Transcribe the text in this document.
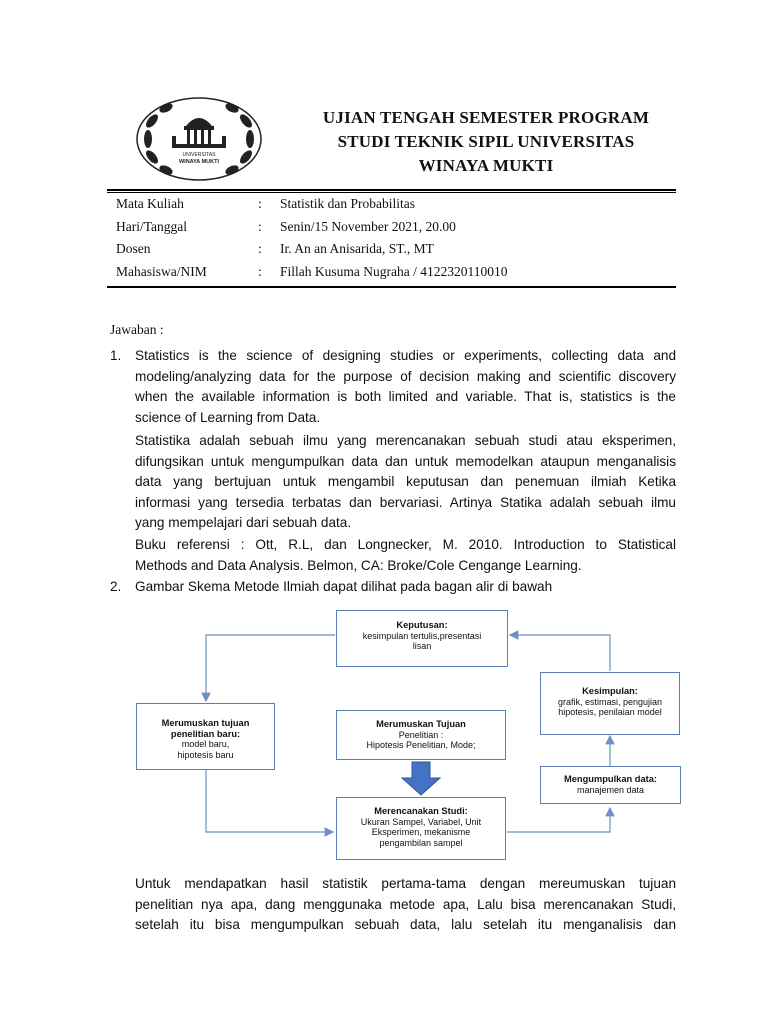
UNIVERSITAS
WINAYA MUKTI
UJIAN TENGAH SEMESTER PROGRAM
STUDI TEKNIK SIPIL UNIVERSITAS
WINAYA MUKTI
Mata Kuliah	:	Statistik dan Probabilitas
Hari/Tanggal	:	Senin/15 November 2021, 20.00
Dosen	:	Ir. An an Anisarida, ST., MT
Mahasiswa/NIM	:	Fillah Kusuma Nugraha / 4122320110010
Jawaban :
1. Statistics is the science of designing studies or experiments, collecting data and
modeling/analyzing data for the purpose of decision making and scientific discovery
when the available information is both limited and variable. That is, statistics is the
science of Learning from Data.
Statistika adalah sebuah ilmu yang merencanakan sebuah studi atau eksperimen,
difungsikan untuk mengumpulkan data dan untuk memodelkan ataupun menganalisis
data yang bertujuan untuk mengambil keputusan dan penemuan ilmiah Ketika
informasi yang tersedia terbatas dan bervariasi. Artinya Statika adalah sebuah ilmu
yang mempelajari dari sebuah data.
Buku referensi : Ott, R.L, dan Longnecker, M. 2010. Introduction to Statistical
Methods and Data Analysis. Belmon, CA: Broke/Cole Cengange Learning.
2. Gambar Skema Metode Ilmiah dapat dilihat pada bagan alir di bawah
Keputusan:
kesimpulan tertulis,presentasi
lisan
Kesimpulan:
grafik, estimasi, pengujian
hipotesis, penilaian model
Merumuskan tujuan
penelitian baru:
model baru,
hipotesis baru
Merumuskan Tujuan
Penelitian :
Hipotesis Penelitian, Mode;
Mengumpulkan data:
manajemen data
Merencanakan Studi:
Ukuran Sampel, Variabel, Unit
Eksperimen, mekanisme
pengambilan sampel
Untuk mendapatkan hasil statistik pertama-tama dengan mereumuskan tujuan
penelitian nya apa, dang menggunaka metode apa, Lalu bisa merencanakan Studi,
setelah itu bisa mengumpulkan sebuah data, lalu setelah itu menganalisis dan
